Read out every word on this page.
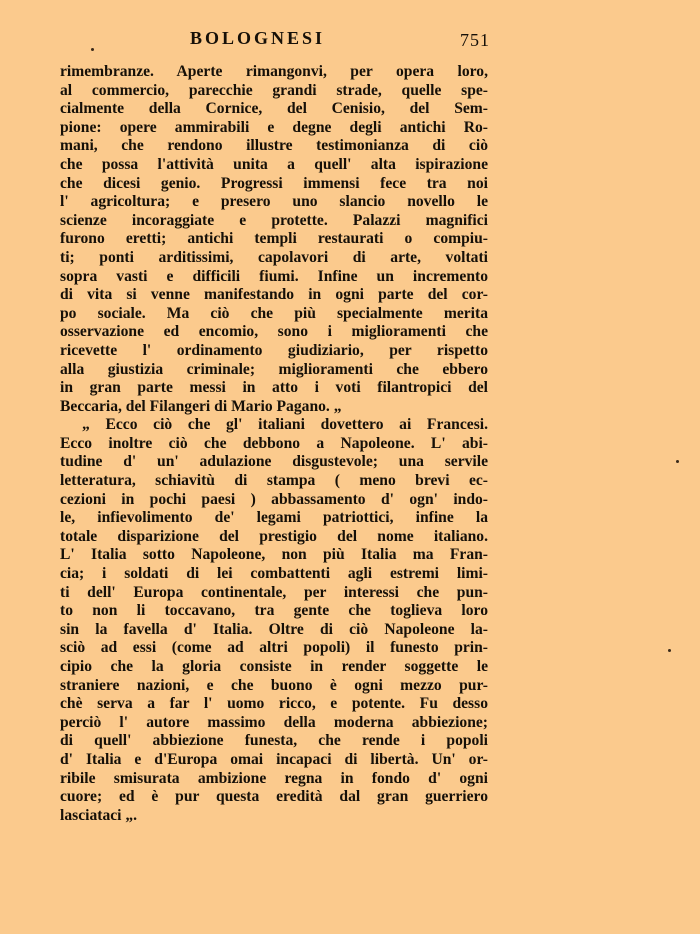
BOLOGNESI	751
rimembranze. Aperte rimangonvi, per opera loro,
al commercio, parecchie grandi strade, quelle spe-
cialmente della Cornice, del Cenisio, del Sem-
pione: opere ammirabili e degne degli antichi Ro-
mani, che rendono illustre testimonianza di ciò
che possa l'attività unita a quell' alta ispirazione
che dicesi genio. Progressi immensi fece tra noi
l' agricoltura; e presero uno slancio novello le
scienze incoraggiate e protette. Palazzi magnifici
furono eretti; antichi templi restaurati o compiu-
ti; ponti arditissimi, capolavori di arte, voltati
sopra vasti e difficili fiumi. Infine un incremento
di vita si venne manifestando in ogni parte del cor-
po sociale. Ma ciò che più specialmente merita
osservazione ed encomio, sono i miglioramenti che
ricevette l' ordinamento giudiziario, per rispetto
alla giustizia criminale; miglioramenti che ebbero
in gran parte messi in atto i voti filantropici del
Beccaria, del Filangeri di Mario Pagano. „
„ Ecco ciò che gl' italiani dovettero ai Francesi.
Ecco inoltre ciò che debbono a Napoleone. L' abi-
tudine d' un' adulazione disgustevole; una servile
letteratura, schiavitù di stampa ( meno brevi ec-
cezioni in pochi paesi ) abbassamento d' ogn' indo-
le, infievolimento de' legami patriottici, infine la
totale disparizione del prestigio del nome italiano.
L' Italia sotto Napoleone, non più Italia ma Fran-
cia; i soldati di lei combattenti agli estremi limi-
ti dell' Europa continentale, per interessi che pun-
to non li toccavano, tra gente che toglieva loro
sin la favella d' Italia. Oltre di ciò Napoleone la-
sciò ad essi (come ad altri popoli) il funesto prin-
cipio che la gloria consiste in render soggette le
straniere nazioni, e che buono è ogni mezzo pur-
chè serva a far l' uomo ricco, e potente. Fu desso
perciò l' autore massimo della moderna abbiezione;
di quell' abbiezione funesta, che rende i popoli
d' Italia e d'Europa omai incapaci di libertà. Un' or-
ribile smisurata ambizione regna in fondo d' ogni
cuore; ed è pur questa eredità dal gran guerriero
lasciataci „.
